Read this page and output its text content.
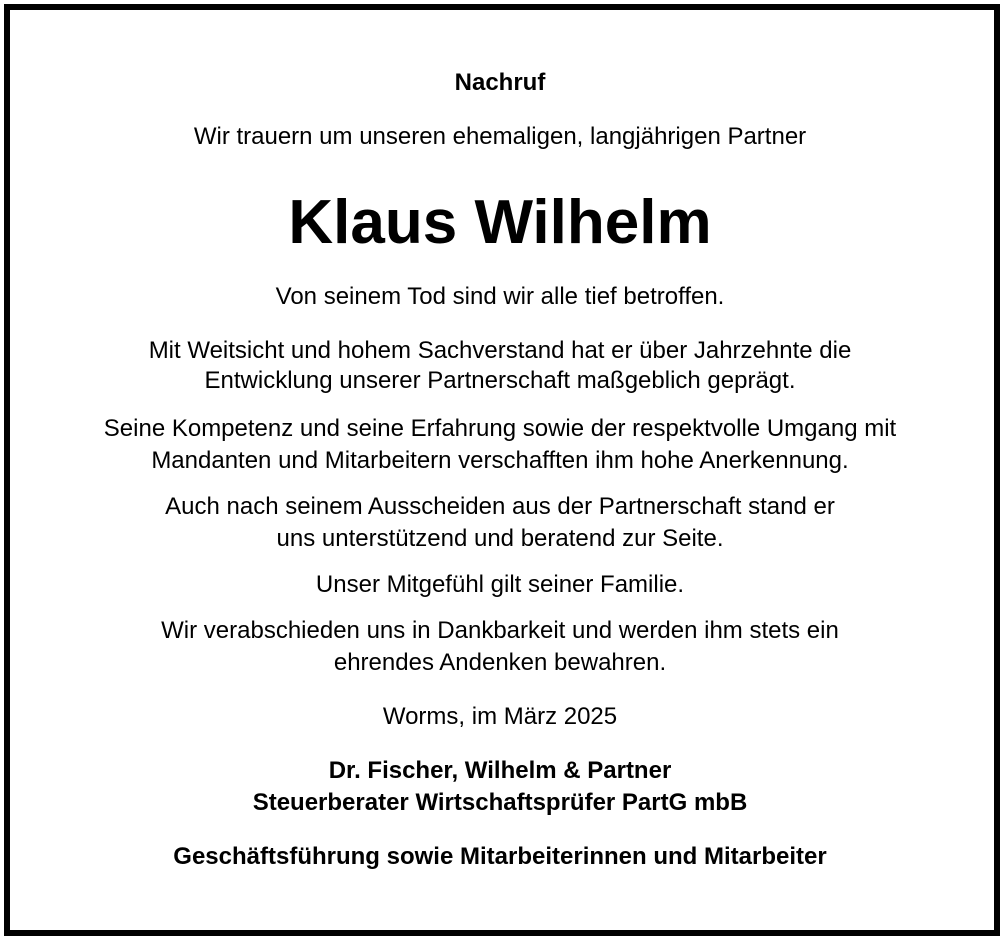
Nachruf
Wir trauern um unseren ehemaligen, langjährigen Partner
Klaus Wilhelm
Von seinem Tod sind wir alle tief betroffen.
Mit Weitsicht und hohem Sachverstand hat er über Jahrzehnte die
Entwicklung unserer Partnerschaft maßgeblich geprägt.
Seine Kompetenz und seine Erfahrung sowie der respektvolle Umgang mit
Mandanten und Mitarbeitern verschafften ihm hohe Anerkennung.
Auch nach seinem Ausscheiden aus der Partnerschaft stand er
uns unterstützend und beratend zur Seite.
Unser Mitgefühl gilt seiner Familie.
Wir verabschieden uns in Dankbarkeit und werden ihm stets ein
ehrendes Andenken bewahren.
Worms, im März 2025
Dr. Fischer, Wilhelm & Partner
Steuerberater Wirtschaftsprüfer PartG mbB
Geschäftsführung sowie Mitarbeiterinnen und Mitarbeiter
